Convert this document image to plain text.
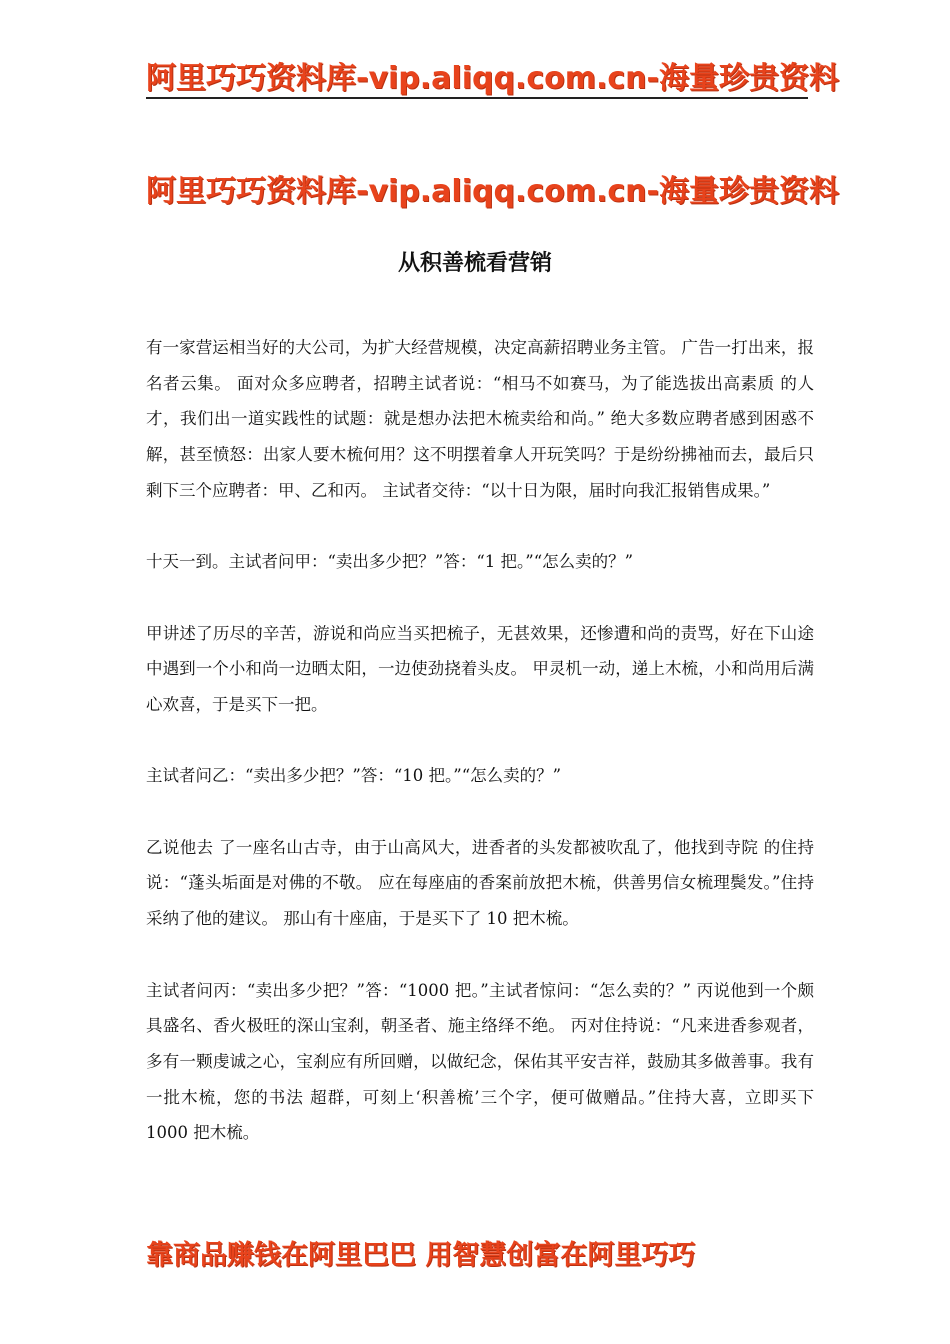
阿里巧巧资料库-vip.aliqq.com.cn-海量珍贵资料
阿里巧巧资料库-vip.aliqq.com.cn-海量珍贵资料
从积善梳看营销

有一家营运相当好的大公司，为扩大经营规模，决定高薪招聘业务主管。 广告一打出来，报名者云集。 面对众多应聘者，招聘主试者说：“相马不如赛马，为了能选拔出高素质 的人才，我们出一道实践性的试题：就是想办法把木梳卖给和尚。” 绝大多数应聘者感到困惑不解，甚至愤怒：出家人要木梳何用？这不明摆着拿人开玩笑吗？于是纷纷拂袖而去，最后只剩下三个应聘者：甲、乙和丙。 主试者交待：“以十日为限，届时向我汇报销售成果。”

十天一到。主试者问甲：“卖出多少把？”答：“1 把。”“怎么卖的？”

甲讲述了历尽的辛苦，游说和尚应当买把梳子，无甚效果，还惨遭和尚的责骂，好在下山途中遇到一个小和尚一边晒太阳，一边使劲挠着头皮。 甲灵机一动，递上木梳，小和尚用后满心欢喜，于是买下一把。

主试者问乙：“卖出多少把？”答：“10 把。”“怎么卖的？”

乙说他去 了一座名山古寺，由于山高风大，进香者的头发都被吹乱了，他找到寺院 的住持说：“蓬头垢面是对佛的不敬。 应在每座庙的香案前放把木梳，供善男信女梳理鬓发。”住持采纳了他的建议。 那山有十座庙，于是买下了 10 把木梳。

主试者问丙：“卖出多少把？”答：“1000 把。”主试者惊问：“怎么卖的？” 丙说他到一个颇具盛名、香火极旺的深山宝刹，朝圣者、施主络绎不绝。 丙对住持说：“凡来进香参观者，多有一颗虔诚之心，宝刹应有所回赠，以做纪念，保佑其平安吉祥，鼓励其多做善事。我有一批木梳，您的书法 超群，可刻上‘积善梳’三个字，便可做赠品。”住持大喜，立即买下 1000 把木梳。

靠商品赚钱在阿里巴巴 用智慧创富在阿里巧巧
